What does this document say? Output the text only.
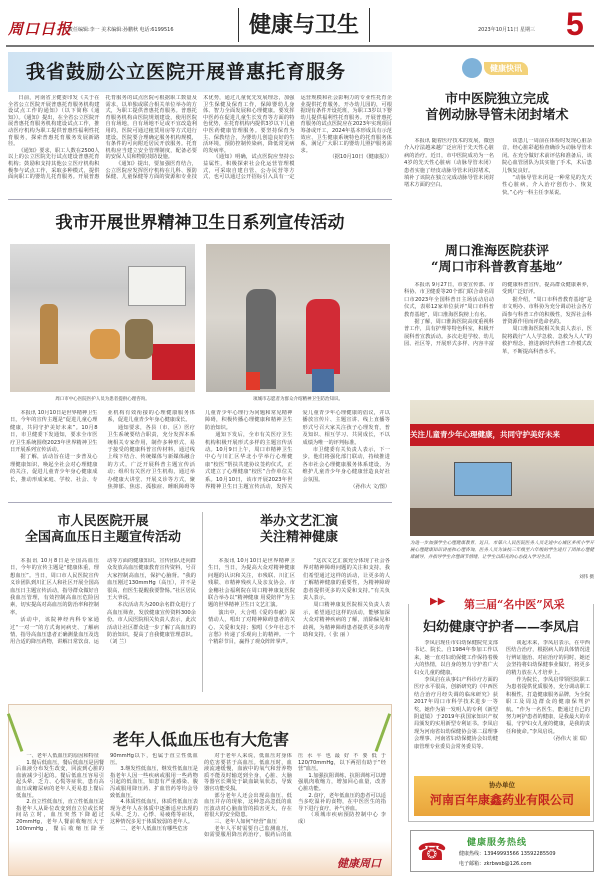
周口日报
责任编辑:李一 美术编辑:孙鹏秋 电话:6199516	健康与卫生	2023年10月11日 星期三 5
我省鼓励公立医院开展普惠托育服务

日前，河南省卫健委印发《关于在全省公立医院开展普惠托育服务机构建设试点工作的通知》（以下简称《通知》）。《通知》提出，在全省公立医院开展普惠托育服务机构建设试点工作，推动医疗机构为职工提供普惠性福利性托育服务，探索普惠托育服务发展新路径。

《通知》要求，职工人数在2500人以上的公立医院先行试点建设普惠托育机构；鼓励和支持其他公立医疗机构积极参与试点工作，采取多种模式，提供面向职工的婴幼儿托育服务。开展普惠托育服务的试点医院可根据职工数量及需求，以单独或联合相关单位举办的方式，为职工提供普惠托育服务。普惠托育服务机构由医院规划建设，使用医院自有场地，自有场地不足或不宜改造利用的，医院可通过租赁用房等方式进行建设。医院要合理确定服务机构规模，有条件的可向附近居民开放服务。托育机构应当建立安全管理制度，配备必要的安保人员和物防技防设施。

《通知》提出，要加强医育结合，公立医院应发挥医疗机构在儿科、预防保健、儿童保健等方面的资源和专业技术优势，通过儿童优先发展理念，加强卫生保健及保育工作，保障婴幼儿身体、智力全面发展和心理健康。要发挥中医药在促进儿童生长发育等方面的特色优势，在托育机构内提供3岁以下儿童中医药健康管理服务。要坚持保育为主、保教结合，为婴幼儿创造良好的生活环境，预防控制传染病，降低常见病的发病率。

《通知》明确，试点医院应坚持公益属性，积极探索社会化运营管理模式，可采取自建自管、公办民营等方式，也可以通过公开招标引入具有一定运营规模和社会影响力的专业性托育企业提供托育服务。开办幼儿园的，可根据现有条件开设托班，为职工3岁以下婴幼儿提供福利性托育服务。开展普惠托育服务的试点医院应在2023年实现项目筹备或开工，2024年基本形成具有示范效应、卫生健康系统特色的托育服务体系，满足广大职工的婴幼儿照护服务需求。

（据10月10日《健康报》）

我市开展世界精神卫生日系列宣传活动
周口市中心医院医护人员为患者提供心理咨询。	项城市志愿者为群众介绍精神卫生防治知识。

本报讯 10月10日是世界精神卫生日，今年的宣传主题是“促进儿童心理健康，共同守护美好未来”。10月8日，市卫健委下发通知，要求全市医疗卫生系统围绕2023年世界精神卫生日开展系列宣传活动。

据了解，活动旨在进一步普及心理健康知识，唤起全社会对心理健康的关注，促进儿童青少年身心健康成长，推动形成家庭、学校、社会、专业机构有效衔接的心理健康服务体系，促进儿童青少年身心健康成长。

通知要求，各县（市、区）医疗卫生系统要结合职责，充分发挥本系统相关专家作用，制作多种形式、易于接受的健康科普宣传材料，通过线上线下结合、传统媒体与新媒体融合的方式，广泛开展科普主题宣传活动；组织有关医疗卫生机构，通过举办健康大讲堂、开展义诊等方式，聚焦抑郁、焦虑、孤独症、睡眠障碍等儿童青少年心理行为问题和常见精神障碍，积极传播心理健康和精神卫生防治知识。

通知下发后，全市有关医疗卫生机构积极开展形式多样的主题宣传活动。10月9日上午，周口市精神卫生中心与川汇区华北小学举行心理健康“校医”帮扶共建协议签约仪式，正式建立了心理健康“校医”合作单位关系。10月10日，该市开展2023年世界精神卫生日主题宣传活动，发挥关爱儿童青少年心理健康的倡议，并以播放宣传片、主题宣讲、线上直播等形式号召大家关注孩子心理发育，普及知识、相互学习、共同成长，不以成绩为唯一的评判标准。

市卫健委有关负责人表示，下一步，他们将强化部门联动，持续推进各市社会心理健康服务体系建设，为维护儿童青少年身心健康营造良好社会氛围。

（孙伟大 文/图）

市人民医院开展
全国高血压日主题宣传活动

本报讯 10月8日是全国高血压日，今年的宣传主题是“健康体重，理想血压”。当日，周口市人民医院宣传义诊团队到川汇区人和社区开展全国高血压日主题宣传活动，指导群众做好自我血压管理，有效控制高血压危险因素，切实提高对高血压的防治率和控制率。

活动中，该院神经内科专家通过“一对一”的方式询问病史、了解病情，指导高血压患者正确测量血压及选用合适的降压药物，讲解日常饮食、运动等方面的健康知识。宣传团队还向群众发放高血压健康教育宣传资料，号召大家控制高血压，保护心脑肾。“我的血压刚过130mmHg（高压），并不是很高，但医生提醒我要警惕。”社区居民王大爷说。

本次活动共为200余名群众进行了高血压筛查，发放健康宣传资料300余份。市人民医院相关负责人表示，此次活动让社区群众进一步了解了高血压的防治知识，提高了自我健康管理意识。（刘 兰）

举办文艺汇演
关注精神健康

本报讯 10月10日是世界精神卫生日，当日，为提高大众对精神健康问题的认识和关注，市残联、川汇区残联、市精神残疾人及亲友协会、市金穗社会福利院在周口精神康复医院联合举办以“精神健康 用爱陪伴”为主题的世界精神卫生日文艺汇演。

演出中，大合唱《爱的奉献》深情动人，唱出了对精神障碍患者的关心、关爱和支持；独唱《少年壮志不言愁》传递了乐观向上的精神。一个个精彩节目，赢得了观众阵阵掌声。

“这次文艺汇演充分体现了社会各界对精神障碍问题的关注和支持。我们希望通过这样的活动，让更多的人了解精神健康的重要性，为精神障碍患者提供更多的关爱和支持。”有关负责人表示。

周口精神康复医院相关负责人表示，希望通过这样的活动，能够加深大众对精神疾病的了解，消除偏见和歧视，为精神障碍患者提供更多的帮助和支持。（ 张 丽 ）

老年人低血压也有大危害

一、老年人低血压的原因和特征

1.餐后低血压，餐后低血压是因餐后血液分布发生改变，回流到心脏的血液减少引起的。餐后低血压容易引起头晕、乏力、心慌等症状，患有高血压或糖尿病的老年人更易患上餐后低血压。

2.直立性低血压，直立性低血压是指老年人从卧位改变到直立位或长时间站立时，血压突然下降超过20mmHg，老年人餐前收缩压大于100mmHg，餐后收缩压降至90mmHg以下，也属于直立性低血压。

3.继发性低血压，继发性低血压是指老年人因一些疾病或服用一些药物引起的低血压，如患有严重感染、腹泻或服用降压药、扩血管药等均会导致低血压。

4.体质性低血压，体质性低血压表现为老年人在体质中逐渐适应出现的头晕、乏力、心悸、易疲倦等症状，这种情况多见于体质较弱的老年人。

二、老年人低血压有哪些危害

对于老年人来说，低血压对身体的危害要甚于高血压。低血压时，血液流速缓慢，血液中的氧气和营养物质不能及时输送到全身，心脏、大脑等器官长期处于缺血缺氧状态，导致器官功能受损。

部分老年人还会出现高血压、低血压并存的现象，这种忽高忽低的血压波动对心脑血管的损害更大，存在着很大的安全隐患。

三、老年人如何“经营”血压

老年人平时需要自己监测血压，如需要服用降压药治疗，服药后的血压水平也最好不要低于120/70mmHg，以下两招有助于“经营”血压。

1.加强抗阻训练，抗阻训练可以增强肌肉收缩力，增加回心血量，改善心脏功能。

2.食疗，老年低血压的患者可以适当多吃温补的食物，在中医医生的指导下进行食疗，补气养血。

（项城市疾病预防控制中心 李 成）

健康周口
健康快讯
市中医院独立完成
首例动脉导管未闭封堵术

本报讯 随着医疗技术的发展，微创介入疗法越来越广泛应用于先天性心脏病的治疗。近日，市中医院成功为一名4岁的先天性心脏病（动脉导管未闭）患者实施了经皮动脉导管未闭封堵术，填补了该院在独立完成动脉导管未闭封堵术方面的空白。

该患儿一周前在体检时发现心脏杂音，经心脏彩超检查确诊为动脉导管未闭。在充分做好术前评估和准备后，该院心血管团队为其实施了手术，术后患儿恢复良好。

“动脉导管未闭是一种常见的先天性心脏病，介入治疗创伤小、恢复快。”心内一科主任李某说。

周口淮海医院获评
“周口市科普教育基地”

本报讯 9月27日，市委宣传部、市科协、市卫健委等20个部门联合命名周口市2023年全国科普日主场活动启动仪式，表彰12家单位获评“周口市科普教育基地”，周口淮海医院榜上有名。

据了解，周口淮海医院高度重视科普工作，具有护理等特色科室，积极开展科普宣教活动。多次走进学校、幼儿园、社区等，开展形式多样、内容丰富的健康科普宣传，提高群众健康素养，受到广泛好评。

据介绍，“周口市科普教育基地”是市文明办、市科协为充分调动社会各方面参与科普工作的积极性，发挥社会科普资源作用而评选命名的。

周口淮海医院相关负责人表示，医院将践行“人人学急救、急救为人人”的救护理念，推进新时代科普工作模式改革，不断提高科普水平。

关注儿童青少年心理健康，共同守护美好未来
为进一步加强学生心理健康教育，近日，市第六人民医院医务人员走进中心城区多所小学开展心理健康知识讲座和心理咨询。医务人员为该校三年级至六年级的学生进行了团体心理健康辅导，并指导学生合理调节情绪，让学生以阳光的心态投入学习生活。
刘伟 摄
▶▶ 第三届“名中医”风采
妇幼健康守护者——李凤启

李凤启现任市妇幼保健院党支部书记、院长。自1984年参加工作以来，她一直对妇幼保健工作保持着极大的热情，以自身的努力守护着广大妇女儿童的健康。

李凤启在从事妇产科诊疗方面的医疗水平很高，创新研究的《中西医结合治疗月经失调的临床研究》获2017年周口市科学技术进步一等奖。她作为第一发明人的专利《新型阴道镜》于2019年获国家知识产权局颁发的实用新型专利证书。李凤启现为河南省妇幼保健协会第二届理事会理事、河南省妇幼保健协会妇幼健康管理专业委员会常务委员等。

谈起未来，李凤启表示，在中西医结合治疗，根据病人的具体情况进行辨证施治、对症治疗的同时，她还会坚持将妇幼保健事业做好，将更多的精力放在人才培养上。

作为院长，李凤启带领医院职工为患者提供优质服务，充分调动职工积极性，打造健康服务品牌，为全院职工及周边群众的健康保驾护航。“作为一名医生，能通过自己的努力呵护患者的健康，是我最大的幸福，守护妇女儿童的健康，是我的责任和使命。”李凤启说。

（孙伟大 崔 瑞）

协办单位
河南百年康鑫药业有限公司
☎ 健康服务热线
健康热线：13949993566 13592285509
电子邮箱：zkrbwsb@126.com
